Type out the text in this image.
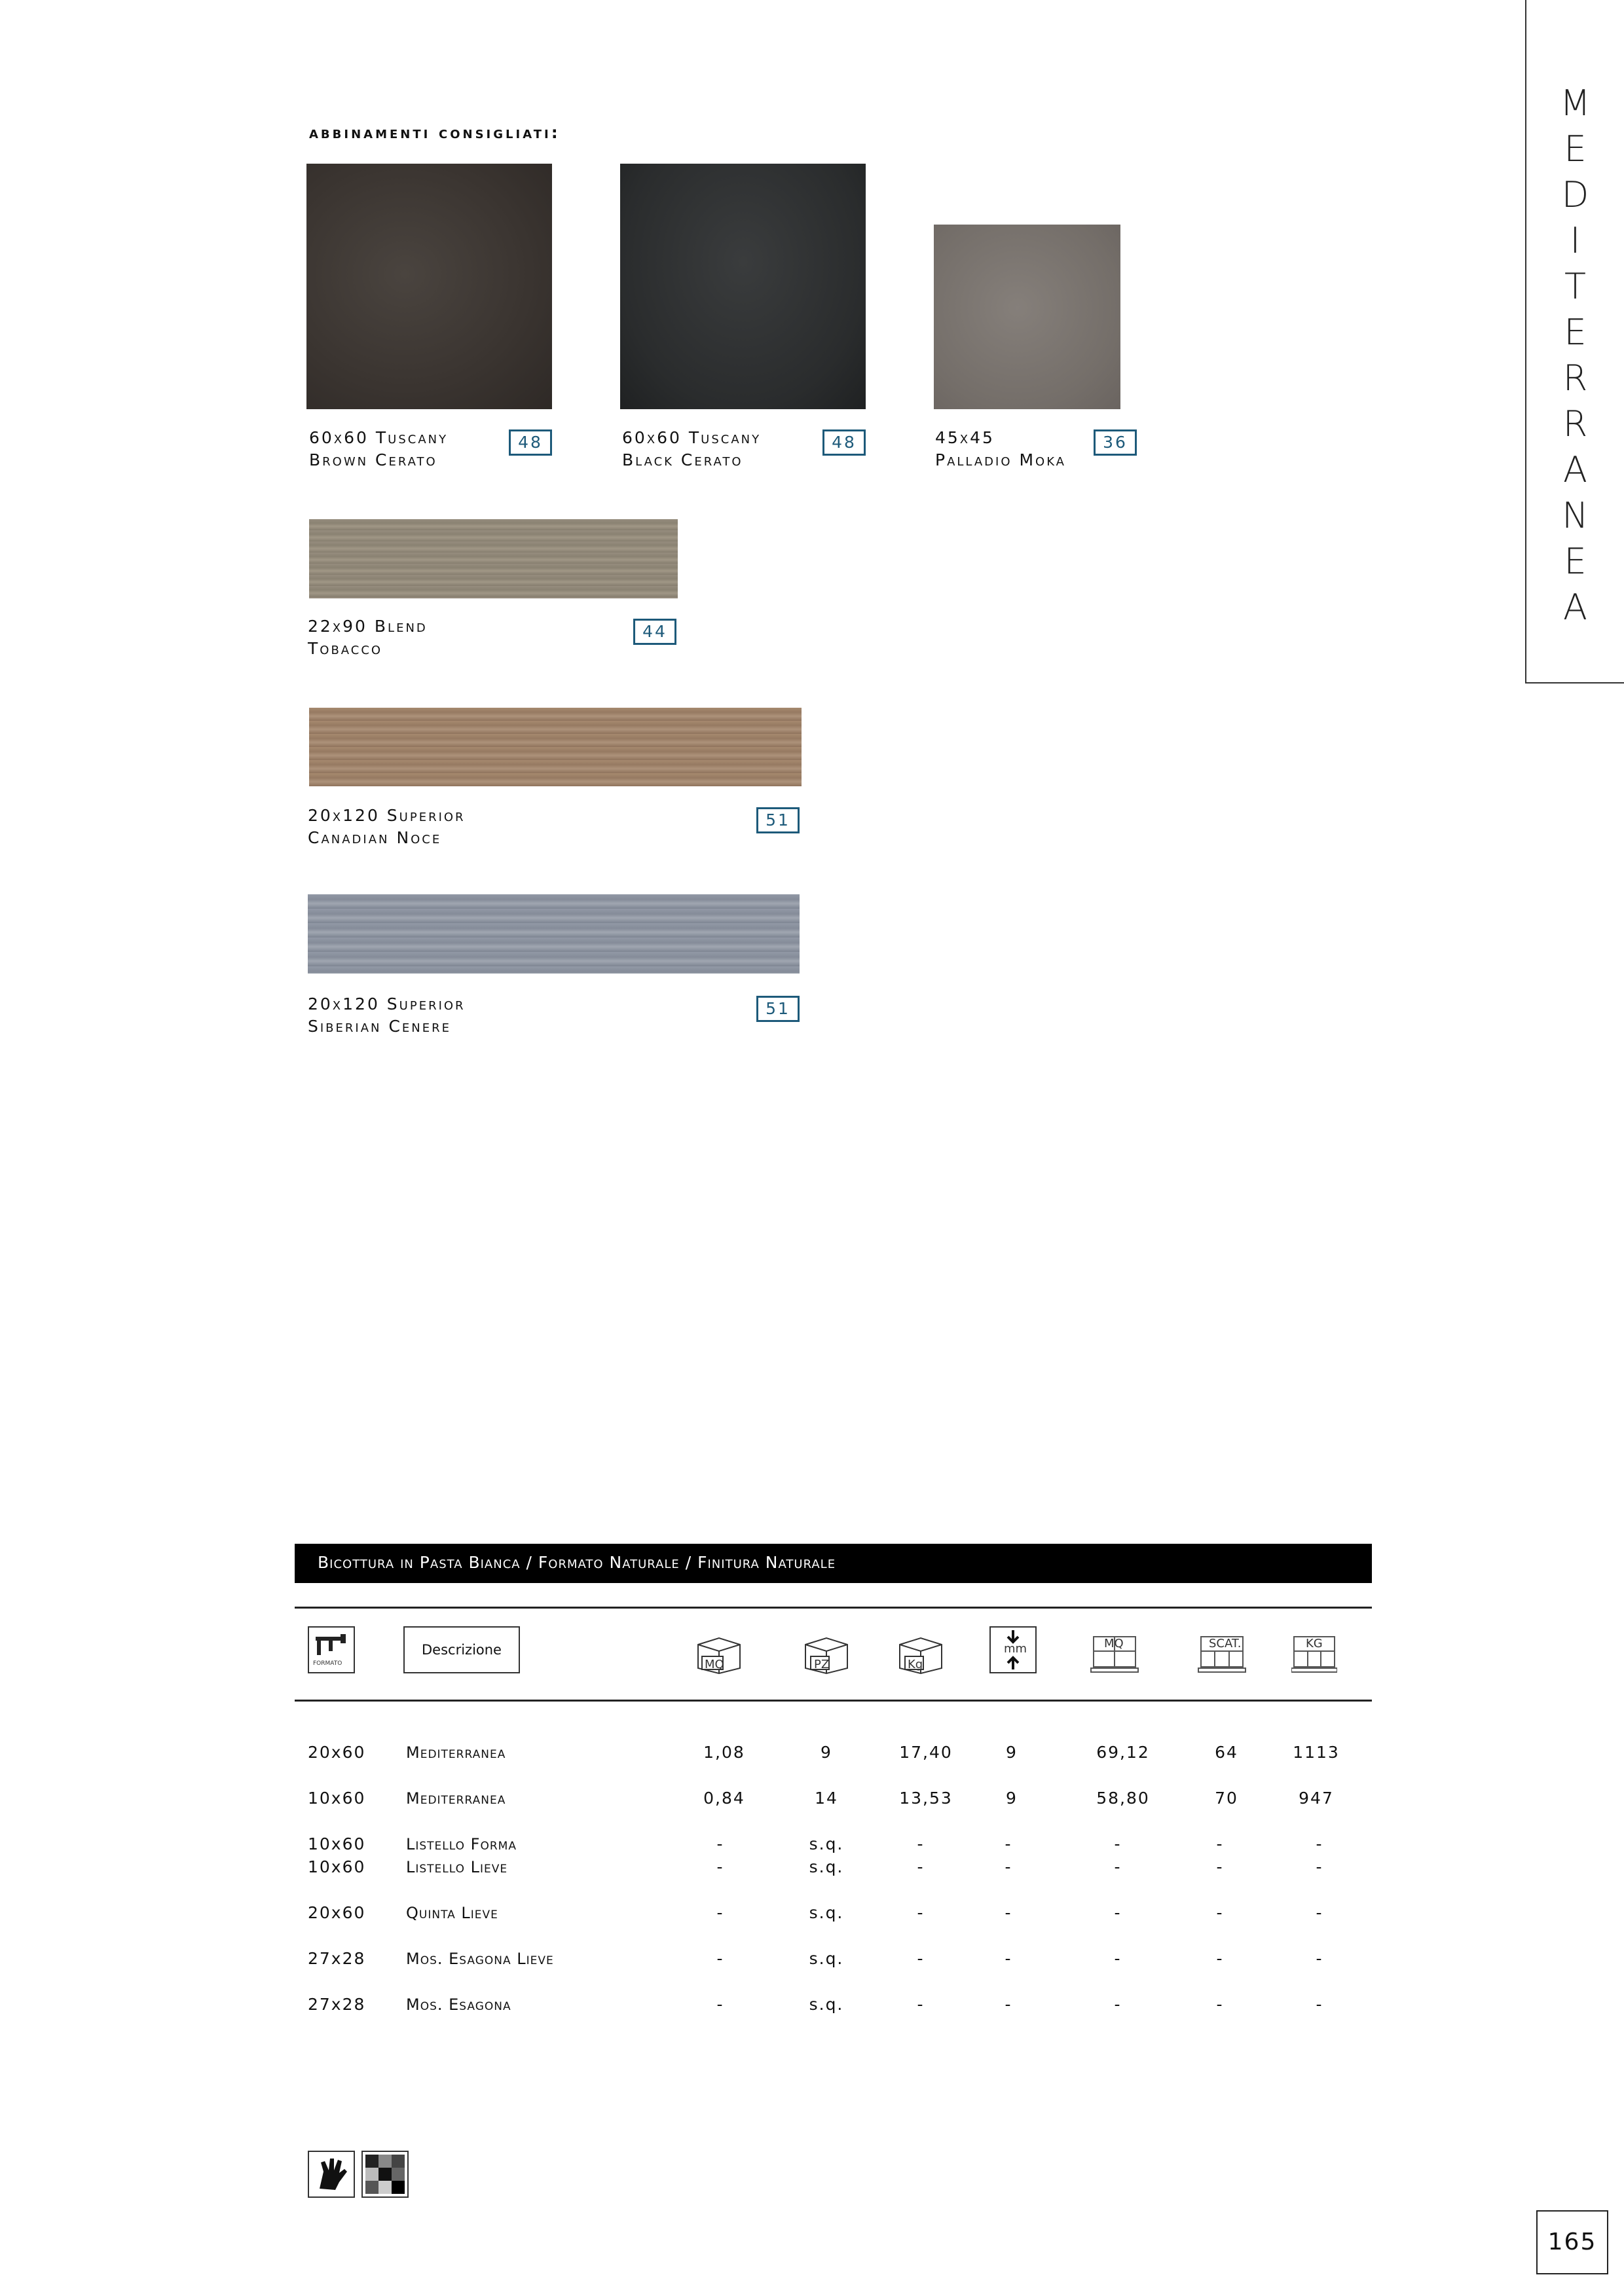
M
E
D
I
T
E
R
R
A
N
E
A
abbinamenti consigliati:
60x60 Tuscany
Brown Cerato
48	60x60 Tuscany
Black Cerato
48	45x45
Palladio Moka
36
22x90 Blend
Tobacco
44
20x120 Superior
Canadian Noce
51
20x120 Superior
Siberian Cenere
51
Bicottura in Pasta Bianca / Formato Naturale / Finitura Naturale
FORMATO
Descrizione
MQ	PZ	Kg
mm	MQ	SCAT.	KG
20x60	Mediterranea	1,08	9	17,40	9	69,12	64	1113
10x60	Mediterranea	0,84	14	13,53	9	58,80	70	947
10x60	Listello Forma	-	s.q.	-	-	-	-	-
10x60	Listello Lieve	-	s.q.	-	-	-	-	-
20x60	Quinta Lieve	-	s.q.	-	-	-	-	-
27x28	Mos. Esagona Lieve	-	s.q.	-	-	-	-	-
27x28	Mos. Esagona	-	s.q.	-	-	-	-	-
165
